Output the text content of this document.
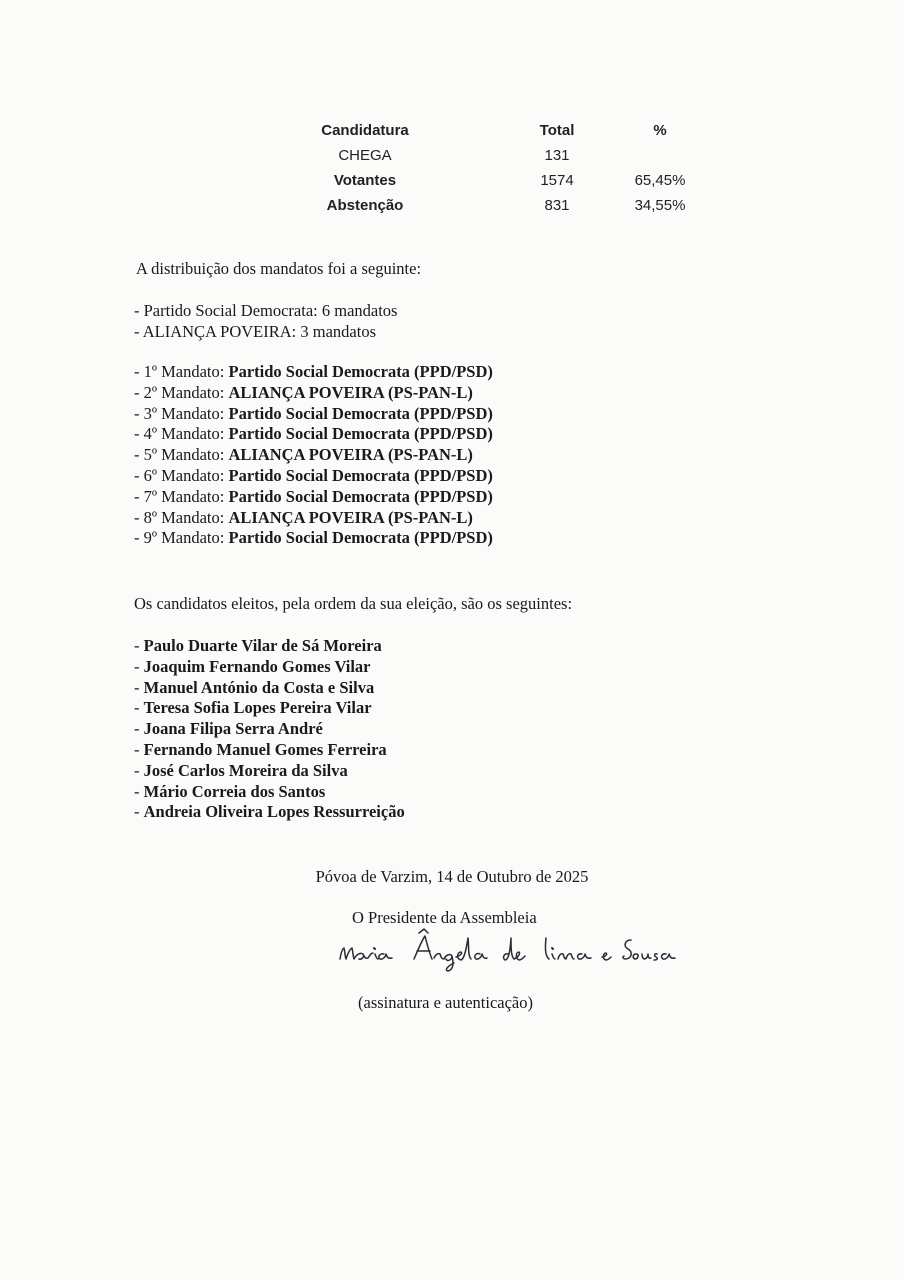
Candidatura	Total	%
CHEGA	131
Votantes	1574	65,45%
Abstenção	831	34,55%
A distribuição dos mandatos foi a seguinte:
- Partido Social Democrata: 6 mandatos
- ALIANÇA POVEIRA: 3 mandatos
- 1º Mandato: Partido Social Democrata (PPD/PSD)
- 2º Mandato: ALIANÇA POVEIRA (PS-PAN-L)
- 3º Mandato: Partido Social Democrata (PPD/PSD)
- 4º Mandato: Partido Social Democrata (PPD/PSD)
- 5º Mandato: ALIANÇA POVEIRA (PS-PAN-L)
- 6º Mandato: Partido Social Democrata (PPD/PSD)
- 7º Mandato: Partido Social Democrata (PPD/PSD)
- 8º Mandato: ALIANÇA POVEIRA (PS-PAN-L)
- 9º Mandato: Partido Social Democrata (PPD/PSD)
Os candidatos eleitos, pela ordem da sua eleição, são os seguintes:
- Paulo Duarte Vilar de Sá Moreira
- Joaquim Fernando Gomes Vilar
- Manuel António da Costa e Silva
- Teresa Sofia Lopes Pereira Vilar
- Joana Filipa Serra André
- Fernando Manuel Gomes Ferreira
- José Carlos Moreira da Silva
- Mário Correia dos Santos
- Andreia Oliveira Lopes Ressurreição
Póvoa de Varzim, 14 de Outubro de 2025
O Presidente da Assembleia
(assinatura e autenticação)
